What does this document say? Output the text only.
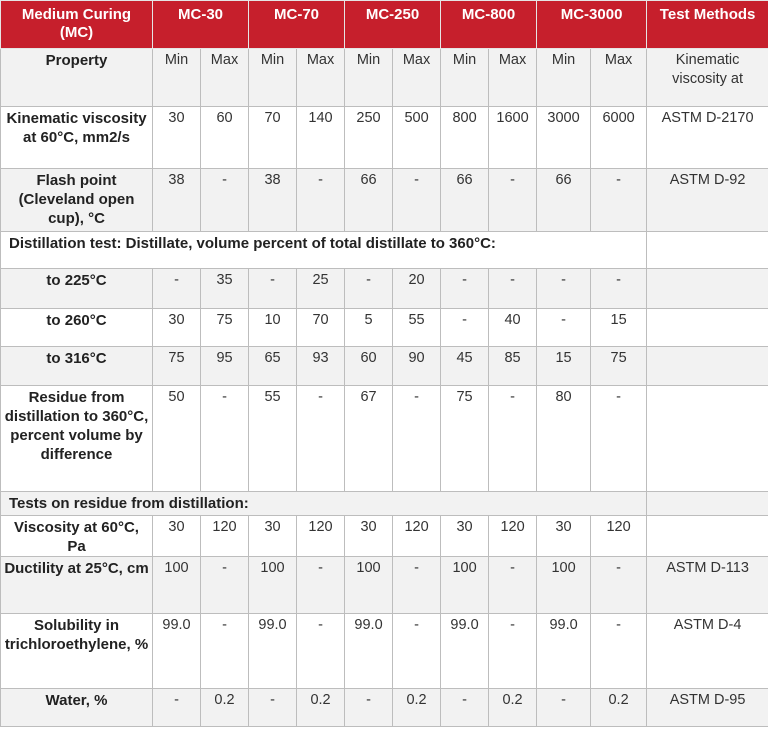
Medium Curing (MC)	MC-30		MC-70		MC-250		MC-800		MC-3000		Test Methods
Property	Min	Max	Min	Max	Min	Max	Min	Max	Min	Max	Kinematic viscosity at
Kinematic viscosity at 60°C, mm2/s	30	60	70	140	250	500	800	1600	3000	6000	ASTM D-2170
Flash point (Cleveland open cup), °C	38	-	38	-	66	-	66	-	66	-	ASTM D-92
Distillation test: Distillate, volume percent of total distillate to 360°C:											
to 225°C	-	35	-	25	-	20	-	-	-	-	
to 260°C	30	75	10	70	5	55	-	40	-	15	
to 316°C	75	95	65	93	60	90	45	85	15	75	
Residue from distillation to 360°C, percent volume by difference	50	-	55	-	67	-	75	-	80	-	
Tests on residue from distillation:											
Viscosity at 60°C, Pa	30	120	30	120	30	120	30	120	30	120	
Ductility at 25°C, cm	100	-	100	-	100	-	100	-	100	-	ASTM D-113
Solubility in trichloroethylene, %	99.0	-	99.0	-	99.0	-	99.0	-	99.0	-	ASTM D-4
Water, %	-	0.2	-	0.2	-	0.2	-	0.2	-	0.2	ASTM D-95
